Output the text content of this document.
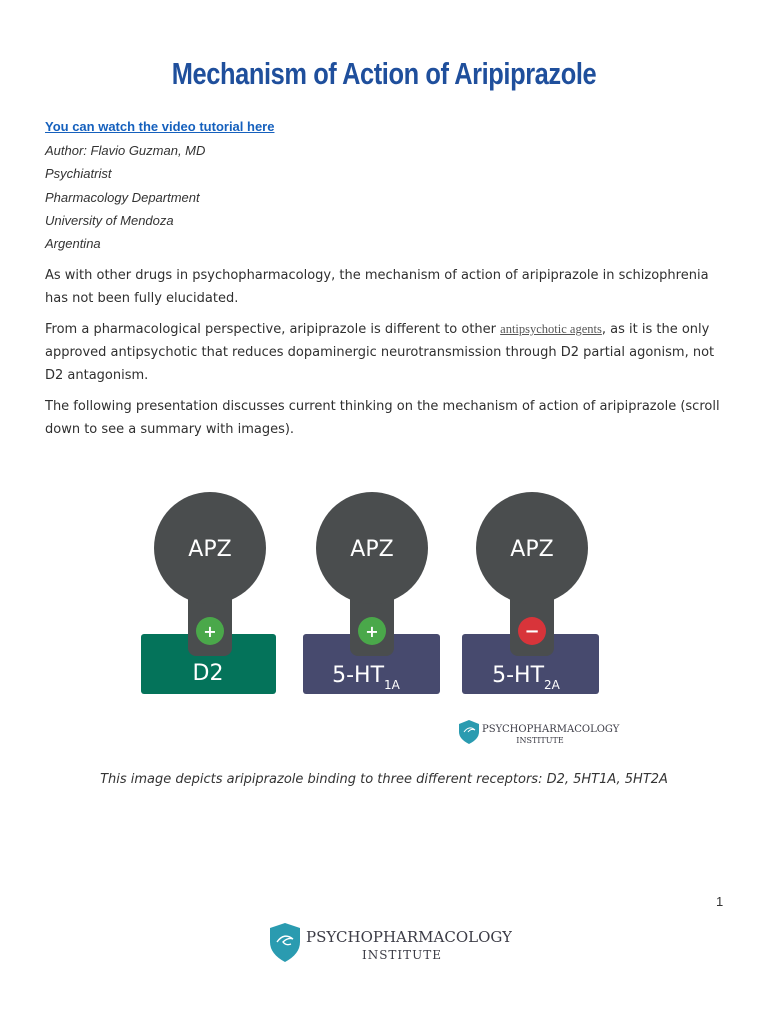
Mechanism of Action of Aripiprazole
You can watch the video tutorial here
Author: Flavio Guzman, MD
Psychiatrist
Pharmacology Department
University of Mendoza
Argentina
As with other drugs in psychopharmacology, the mechanism of action of aripiprazole in schizophrenia has not been fully elucidated.
From a pharmacological perspective, aripiprazole is different to other antipsychotic agents, as it is the only approved antipsychotic that reduces dopaminergic neurotransmission through D2 partial agonism, not D2 antagonism.
The following presentation discusses current thinking on the mechanism of action of aripiprazole (scroll down to see a summary with images).
APZ
+
D2
APZ
+
$5-HT_{1A}$
APZ
−
$5-HT_{2A}$
PSYCHOPHARMACOLOGY
INSTITUTE
This image depicts aripiprazole binding to three different receptors: D2, 5HT1A, 5HT2A
1
PSYCHOPHARMACOLOGY
INSTITUTE
